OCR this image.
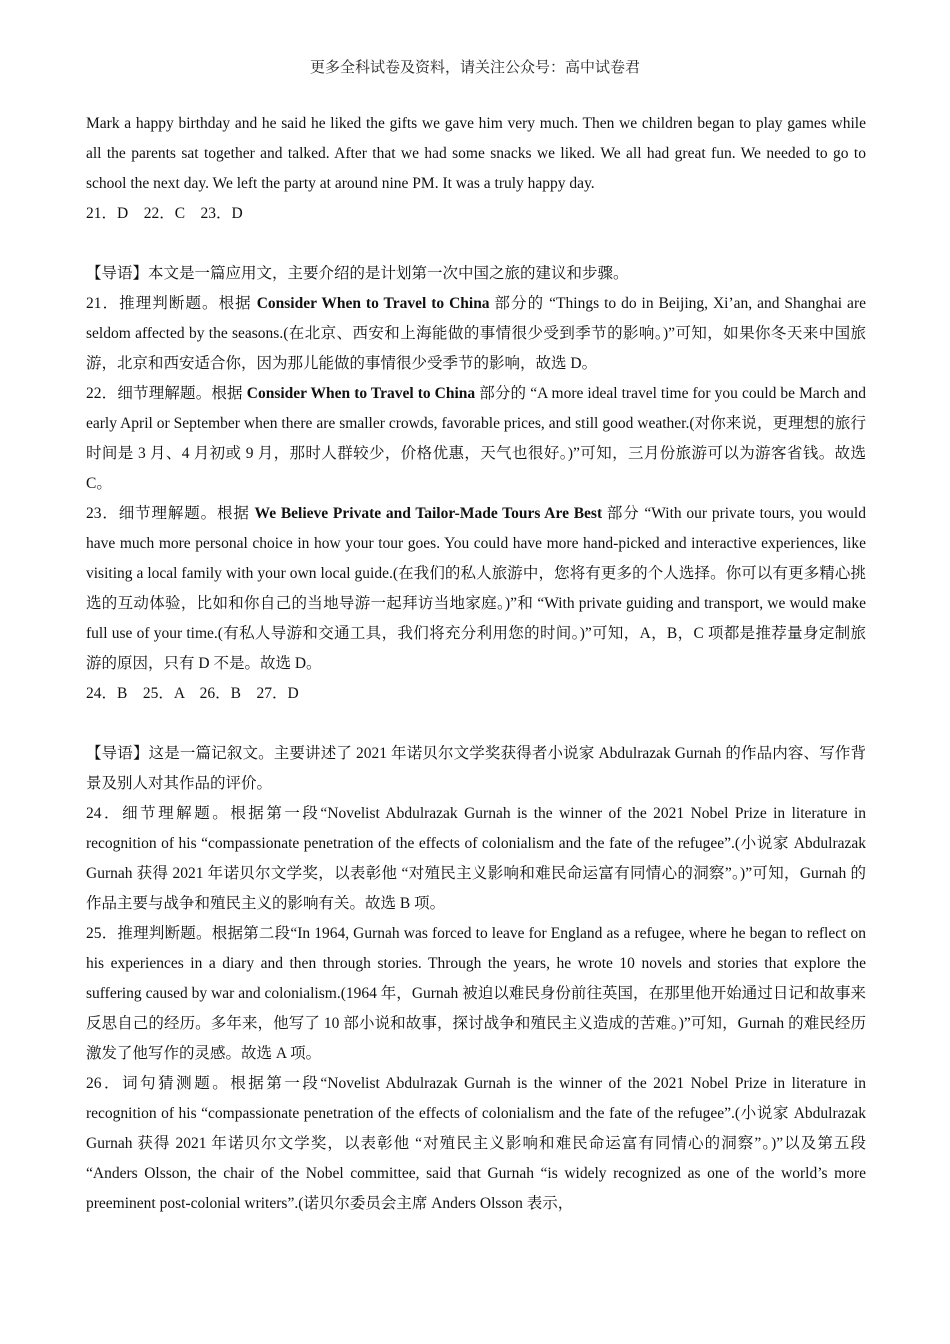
更多全科试卷及资料，请关注公众号：高中试卷君

Mark a happy birthday and he said he liked the gifts we gave him very much. Then we children began to play games while all the parents sat together and talked. After that we had some snacks we liked. We all had great fun. We needed to go to school the next day. We left the party at around nine PM. It was a truly happy day.

21．D　22．C　23．D

【导语】本文是一篇应用文，主要介绍的是计划第一次中国之旅的建议和步骤。

21．推理判断题。根据 Consider When to Travel to China 部分的 “Things to do in Beijing, Xi’an, and Shanghai are seldom affected by the seasons.(在北京、西安和上海能做的事情很少受到季节的影响。)”可知，如果你冬天来中国旅游，北京和西安适合你，因为那儿能做的事情很少受季节的影响，故选 D。

22．细节理解题。根据 Consider When to Travel to China 部分的 “A more ideal travel time for you could be March and early April or September when there are smaller crowds, favorable prices, and still good weather.(对你来说，更理想的旅行时间是 3 月、4 月初或 9 月，那时人群较少，价格优惠，天气也很好。)”可知，三月份旅游可以为游客省钱。故选 C。

23．细节理解题。根据 We Believe Private and Tailor-Made Tours Are Best 部分 “With our private tours, you would have much more personal choice in how your tour goes. You could have more hand-picked and interactive experiences, like visiting a local family with your own local guide.(在我们的私人旅游中，您将有更多的个人选择。你可以有更多精心挑选的互动体验，比如和你自己的当地导游一起拜访当地家庭。)”和 “With private guiding and transport, we would make full use of your time.(有私人导游和交通工具，我们将充分利用您的时间。)”可知，A，B，C 项都是推荐量身定制旅游的原因，只有 D 不是。故选 D。

24．B　25．A　26．B　27．D

【导语】这是一篇记叙文。主要讲述了 2021 年诺贝尔文学奖获得者小说家 Abdulrazak Gurnah 的作品内容、写作背景及别人对其作品的评价。

24．细节理解题。根据第一段“Novelist Abdulrazak Gurnah is the winner of the 2021 Nobel Prize in literature in recognition of his “compassionate penetration of the effects of colonialism and the fate of the refugee”.(小说家 Abdulrazak Gurnah 获得 2021 年诺贝尔文学奖，以表彰他 “对殖民主义影响和难民命运富有同情心的洞察”。)”可知，Gurnah 的作品主要与战争和殖民主义的影响有关。故选 B 项。

25．推理判断题。根据第二段“In 1964, Gurnah was forced to leave for England as a refugee, where he began to reflect on his experiences in a diary and then through stories. Through the years, he wrote 10 novels and stories that explore the suffering caused by war and colonialism.(1964 年，Gurnah 被迫以难民身份前往英国，在那里他开始通过日记和故事来反思自己的经历。多年来，他写了 10 部小说和故事，探讨战争和殖民主义造成的苦难。)”可知，Gurnah 的难民经历激发了他写作的灵感。故选 A 项。

26．词句猜测题。根据第一段“Novelist Abdulrazak Gurnah is the winner of the 2021 Nobel Prize in literature in recognition of his “compassionate penetration of the effects of colonialism and the fate of the refugee”.(小说家 Abdulrazak Gurnah 获得 2021 年诺贝尔文学奖，以表彰他 “对殖民主义影响和难民命运富有同情心的洞察”。)”以及第五段 “Anders Olsson, the chair of the Nobel committee, said that Gurnah “is widely recognized as one of the world’s more preeminent post-colonial writers”.(诺贝尔委员会主席 Anders Olsson 表示，
